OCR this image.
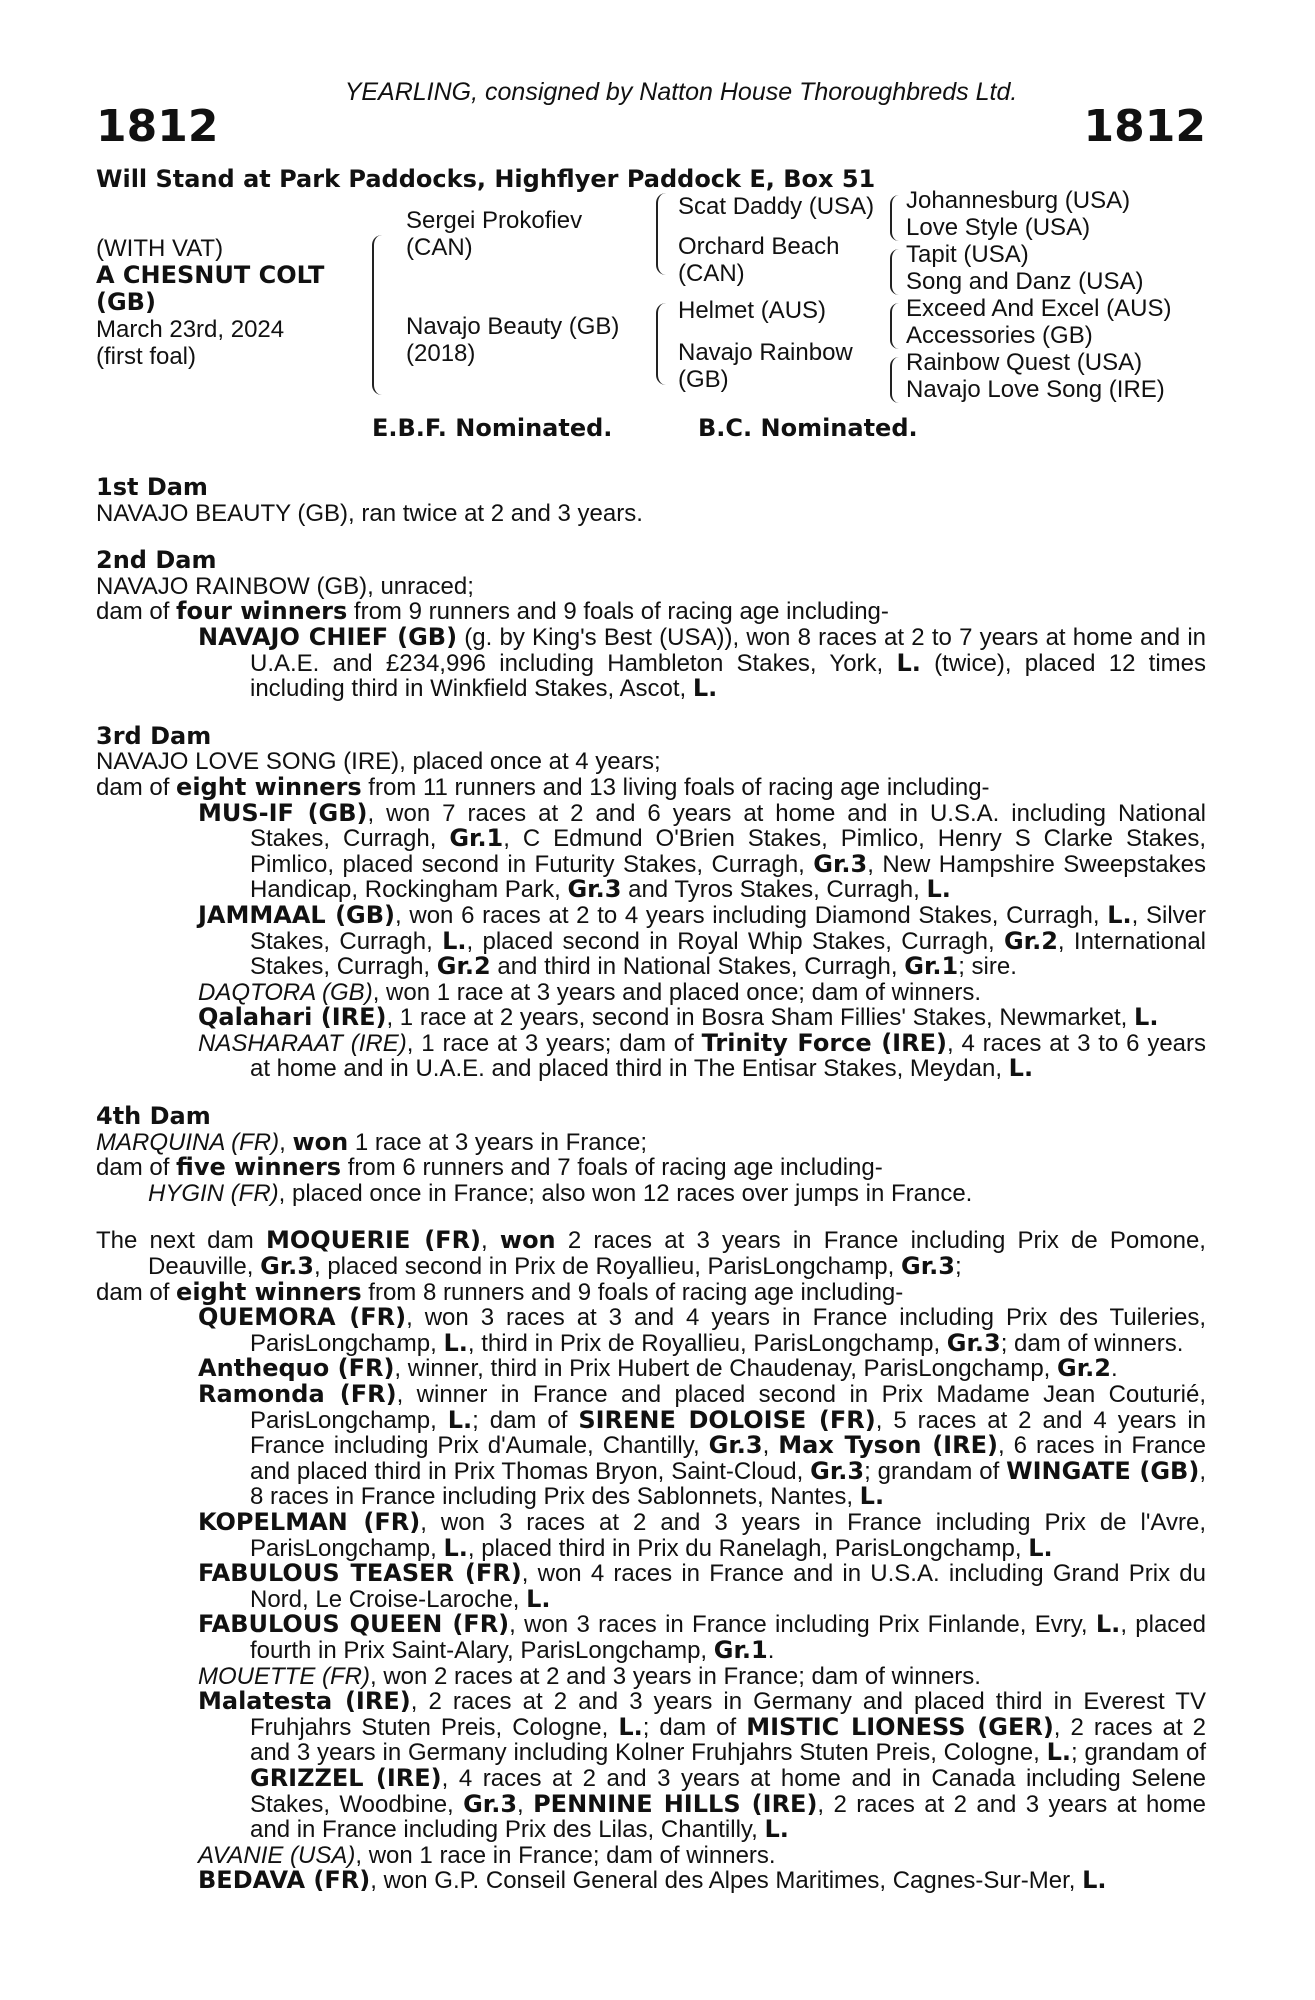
YEARLING, consigned by Natton House Thoroughbreds Ltd.
1812	1812
Will Stand at Park Paddocks, Highflyer Paddock E, Box 51
(WITH VAT)
A CHESNUT COLT
(GB)
March 23rd, 2024
(first foal)
Sergei Prokofiev
(CAN)
Navajo Beauty (GB)
(2018)
Scat Daddy (USA)
Orchard Beach
(CAN)
Helmet (AUS)
Navajo Rainbow
(GB)
Johannesburg (USA)
Love Style (USA)
Tapit (USA)
Song and Danz (USA)
Exceed And Excel (AUS)
Accessories (GB)
Rainbow Quest (USA)
Navajo Love Song (IRE)
E.B.F. Nominated.	B.C. Nominated.
1st Dam

NAVAJO BEAUTY (GB), ran twice at 2 and 3 years.

2nd Dam

NAVAJO RAINBOW (GB), unraced;

dam of four winners from 9 runners and 9 foals of racing age including-

NAVAJO CHIEF (GB) (g. by King's Best (USA)), won 8 races at 2 to 7 years at home and in U.A.E. and £234,996 including Hambleton Stakes, York, L. (twice), placed 12 times including third in Winkfield Stakes, Ascot, L.

3rd Dam

NAVAJO LOVE SONG (IRE), placed once at 4 years;

dam of eight winners from 11 runners and 13 living foals of racing age including-

MUS-IF (GB), won 7 races at 2 and 6 years at home and in U.S.A. including National Stakes, Curragh, Gr.1, C Edmund O'Brien Stakes, Pimlico, Henry S Clarke Stakes, Pimlico, placed second in Futurity Stakes, Curragh, Gr.3, New Hampshire Sweepstakes Handicap, Rockingham Park, Gr.3 and Tyros Stakes, Curragh, L.

JAMMAAL (GB), won 6 races at 2 to 4 years including Diamond Stakes, Curragh, L., Silver Stakes, Curragh, L., placed second in Royal Whip Stakes, Curragh, Gr.2, International Stakes, Curragh, Gr.2 and third in National Stakes, Curragh, Gr.1; sire.

DAQTORA (GB), won 1 race at 3 years and placed once; dam of winners.

Qalahari (IRE), 1 race at 2 years, second in Bosra Sham Fillies' Stakes, Newmarket, L.

NASHARAAT (IRE), 1 race at 3 years; dam of Trinity Force (IRE), 4 races at 3 to 6 years at home and in U.A.E. and placed third in The Entisar Stakes, Meydan, L.

4th Dam

MARQUINA (FR), won 1 race at 3 years in France;

dam of five winners from 6 runners and 7 foals of racing age including-

HYGIN (FR), placed once in France; also won 12 races over jumps in France.

The next dam MOQUERIE (FR), won 2 races at 3 years in France including Prix de Pomone, Deauville, Gr.3, placed second in Prix de Royallieu, ParisLongchamp, Gr.3;

dam of eight winners from 8 runners and 9 foals of racing age including-

QUEMORA (FR), won 3 races at 3 and 4 years in France including Prix des Tuileries, ParisLongchamp, L., third in Prix de Royallieu, ParisLongchamp, Gr.3; dam of winners.

Anthequo (FR), winner, third in Prix Hubert de Chaudenay, ParisLongchamp, Gr.2.

Ramonda (FR), winner in France and placed second in Prix Madame Jean Couturié, ParisLongchamp, L.; dam of SIRENE DOLOISE (FR), 5 races at 2 and 4 years in France including Prix d'Aumale, Chantilly, Gr.3, Max Tyson (IRE), 6 races in France and placed third in Prix Thomas Bryon, Saint-Cloud, Gr.3; grandam of WINGATE (GB), 8 races in France including Prix des Sablonnets, Nantes, L.

KOPELMAN (FR), won 3 races at 2 and 3 years in France including Prix de l'Avre, ParisLongchamp, L., placed third in Prix du Ranelagh, ParisLongchamp, L.

FABULOUS TEASER (FR), won 4 races in France and in U.S.A. including Grand Prix du Nord, Le Croise-Laroche, L.

FABULOUS QUEEN (FR), won 3 races in France including Prix Finlande, Evry, L., placed fourth in Prix Saint-Alary, ParisLongchamp, Gr.1.

MOUETTE (FR), won 2 races at 2 and 3 years in France; dam of winners.

Malatesta (IRE), 2 races at 2 and 3 years in Germany and placed third in Everest TV Fruhjahrs Stuten Preis, Cologne, L.; dam of MISTIC LIONESS (GER), 2 races at 2 and 3 years in Germany including Kolner Fruhjahrs Stuten Preis, Cologne, L.; grandam of GRIZZEL (IRE), 4 races at 2 and 3 years at home and in Canada including Selene Stakes, Woodbine, Gr.3, PENNINE HILLS (IRE), 2 races at 2 and 3 years at home and in France including Prix des Lilas, Chantilly, L.

AVANIE (USA), won 1 race in France; dam of winners.

BEDAVA (FR), won G.P. Conseil General des Alpes Maritimes, Cagnes-Sur-Mer, L.
